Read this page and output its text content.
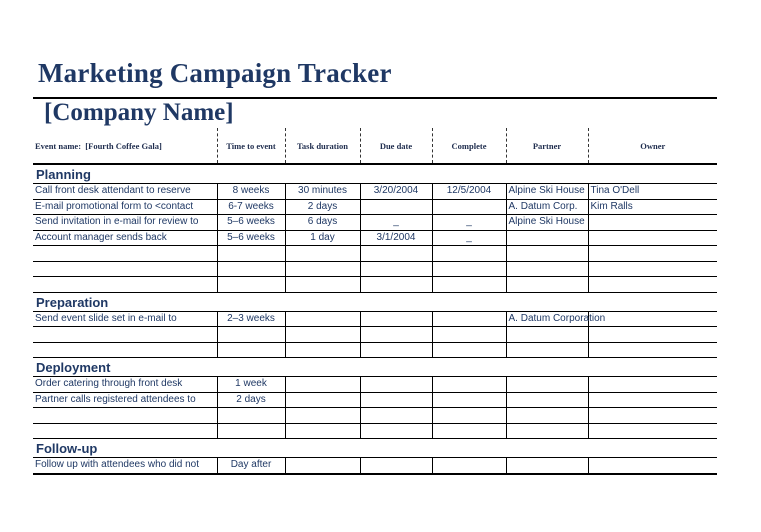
Marketing Campaign Tracker
[Company Name]
Event name: [Fourth Coffee Gala]	Time to event	Task duration	Due date	Complete	Partner	Owner
Planning						
Call front desk attendant to reserve	8 weeks	30 minutes	3/20/2004	12/5/2004	Alpine Ski House	Tina O'Dell
E-mail promotional form to <contact	6-7 weeks	2 days			A. Datum Corp.	Kim Ralls
Send invitation in e-mail for review to	5–6 weeks	6 days	_	_	Alpine Ski House	
Account manager sends back	5–6 weeks	1 day	3/1/2004	_		

Preparation						
Send event slide set in e-mail to	2–3 weeks				A. Datum Corporation	

Deployment						
Order catering through front desk	1 week					
Partner calls registered attendees to	2 days					

Follow-up						
Follow up with attendees who did not	Day after					
